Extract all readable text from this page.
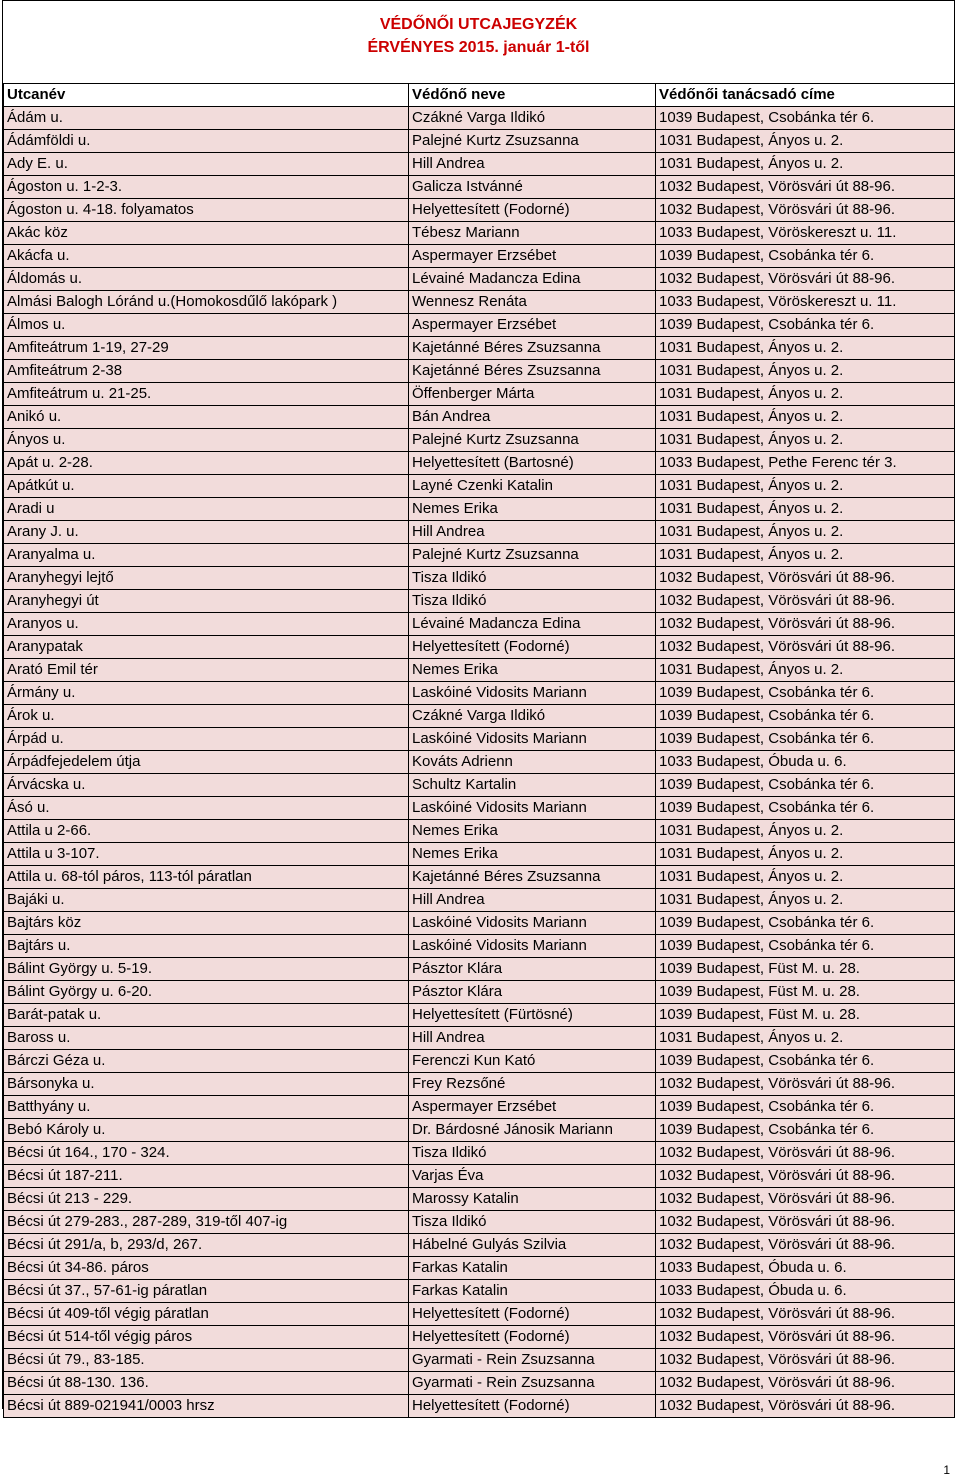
VÉDŐNŐI UTCAJEGYZÉK
ÉRVÉNYES 2015. január 1-től
Utcanév	Védőnő neve	Védőnői tanácsadó címe
Ádám u.	Czákné Varga Ildikó	1039 Budapest, Csobánka tér 6.
Ádámföldi u.	Palejné Kurtz Zsuzsanna	1031 Budapest, Ányos u. 2.
Ady E. u.	Hill Andrea	1031 Budapest, Ányos u. 2.
Ágoston u. 1-2-3.	Galicza Istvánné	1032 Budapest, Vörösvári út 88-96.
Ágoston u. 4-18. folyamatos	Helyettesített (Fodorné)	1032 Budapest, Vörösvári út 88-96.
Akác köz	Tébesz Mariann	1033 Budapest, Vöröskereszt u. 11.
Akácfa u.	Aspermayer Erzsébet	1039 Budapest, Csobánka tér 6.
Áldomás u.	Lévainé Madancza Edina	1032 Budapest, Vörösvári út 88-96.
Almási Balogh Lóránd u.(Homokosdűlő lakópark )	Wennesz Renáta	1033 Budapest, Vöröskereszt u. 11.
Álmos u.	Aspermayer Erzsébet	1039 Budapest, Csobánka tér 6.
Amfiteátrum 1-19, 27-29	Kajetánné Béres Zsuzsanna	1031 Budapest, Ányos u. 2.
Amfiteátrum 2-38	Kajetánné Béres Zsuzsanna	1031 Budapest, Ányos u. 2.
Amfiteátrum u. 21-25.	Öffenberger Márta	1031 Budapest, Ányos u. 2.
Anikó u.	Bán Andrea	1031 Budapest, Ányos u. 2.
Ányos u.	Palejné Kurtz Zsuzsanna	1031 Budapest, Ányos u. 2.
Apát u. 2-28.	Helyettesített (Bartosné)	1033 Budapest, Pethe Ferenc tér 3.
Apátkút u.	Layné Czenki Katalin	1031 Budapest, Ányos u. 2.
Aradi u	Nemes Erika	1031 Budapest, Ányos u. 2.
Arany J. u.	Hill Andrea	1031 Budapest, Ányos u. 2.
Aranyalma u.	Palejné Kurtz Zsuzsanna	1031 Budapest, Ányos u. 2.
Aranyhegyi lejtő	Tisza Ildikó	1032 Budapest, Vörösvári út 88-96.
Aranyhegyi út	Tisza Ildikó	1032 Budapest, Vörösvári út 88-96.
Aranyos u.	Lévainé Madancza Edina	1032 Budapest, Vörösvári út 88-96.
Aranypatak	Helyettesített (Fodorné)	1032 Budapest, Vörösvári út 88-96.
Arató Emil tér	Nemes Erika	1031 Budapest, Ányos u. 2.
Ármány u.	Laskóiné Vidosits Mariann	1039 Budapest, Csobánka tér 6.
Árok u.	Czákné Varga Ildikó	1039 Budapest, Csobánka tér 6.
Árpád u.	Laskóiné Vidosits Mariann	1039 Budapest, Csobánka tér 6.
Árpádfejedelem útja	Kováts Adrienn	1033 Budapest, Óbuda u. 6.
Árvácska u.	Schultz Kartalin	1039 Budapest, Csobánka tér 6.
Ásó u.	Laskóiné Vidosits Mariann	1039 Budapest, Csobánka tér 6.
Attila u 2-66.	Nemes Erika	1031 Budapest, Ányos u. 2.
Attila u 3-107.	Nemes Erika	1031 Budapest, Ányos u. 2.
Attila u. 68-tól páros, 113-tól páratlan	Kajetánné Béres Zsuzsanna	1031 Budapest, Ányos u. 2.
Bajáki u.	Hill Andrea	1031 Budapest, Ányos u. 2.
Bajtárs köz	Laskóiné Vidosits Mariann	1039 Budapest, Csobánka tér 6.
Bajtárs u.	Laskóiné Vidosits Mariann	1039 Budapest, Csobánka tér 6.
Bálint György u. 5-19.	Pásztor Klára	1039 Budapest, Füst M. u. 28.
Bálint György u. 6-20.	Pásztor Klára	1039 Budapest, Füst M. u. 28.
Barát-patak u.	Helyettesített (Fürtösné)	1039 Budapest, Füst M. u. 28.
Baross u.	Hill Andrea	1031 Budapest, Ányos u. 2.
Bárczi Géza u.	Ferenczi Kun Kató	1039 Budapest, Csobánka tér 6.
Bársonyka u.	Frey Rezsőné	1032 Budapest, Vörösvári út 88-96.
Batthyány u.	Aspermayer Erzsébet	1039 Budapest, Csobánka tér 6.
Bebó Károly u.	Dr. Bárdosné Jánosik Mariann	1039 Budapest, Csobánka tér 6.
Bécsi út 164., 170 - 324.	Tisza Ildikó	1032 Budapest, Vörösvári út 88-96.
Bécsi út 187-211.	Varjas Éva	1032 Budapest, Vörösvári út 88-96.
Bécsi út 213 - 229.	Marossy Katalin	1032 Budapest, Vörösvári út 88-96.
Bécsi út 279-283., 287-289, 319-től 407-ig	Tisza Ildikó	1032 Budapest, Vörösvári út 88-96.
Bécsi út 291/a, b, 293/d, 267.	Hábelné Gulyás Szilvia	1032 Budapest, Vörösvári út 88-96.
Bécsi út 34-86. páros	Farkas Katalin	1033 Budapest, Óbuda u. 6.
Bécsi út 37., 57-61-ig páratlan	Farkas Katalin	1033 Budapest, Óbuda u. 6.
Bécsi út 409-től végig páratlan	Helyettesített (Fodorné)	1032 Budapest, Vörösvári út 88-96.
Bécsi út 514-től végig páros	Helyettesített (Fodorné)	1032 Budapest, Vörösvári út 88-96.
Bécsi út 79., 83-185.	Gyarmati - Rein Zsuzsanna	1032 Budapest, Vörösvári út 88-96.
Bécsi út 88-130. 136.	Gyarmati - Rein Zsuzsanna	1032 Budapest, Vörösvári út 88-96.
Bécsi út 889-021941/0003 hrsz	Helyettesített (Fodorné)	1032 Budapest, Vörösvári út 88-96.
1
